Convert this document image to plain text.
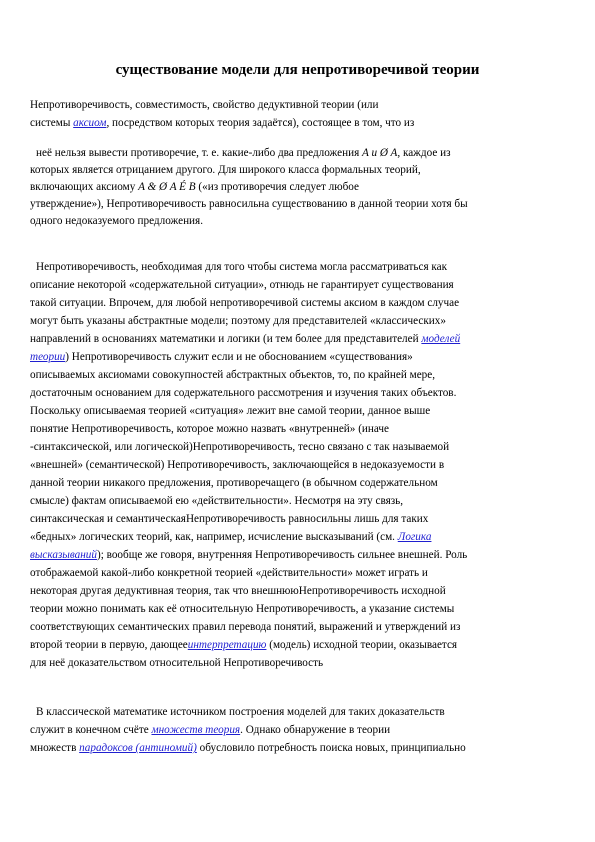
существование модели для непротиворечивой теории
Непротиворечивость, совместимость, свойство дедуктивной теории (или
системы аксиом, посредством которых теория задаётся), состоящее в том, что из
неё нельзя вывести противоречие, т. е. какие-либо два предложения A и Ø A, каждое из
которых является отрицанием другого. Для широкого класса формальных теорий,
включающих аксиому A & Ø A É B («из противоречия следует любое
утверждение»), Непротиворечивость равносильна существованию в данной теории хотя бы
одного недоказуемого предложения.
Непротиворечивость, необходимая для того чтобы система могла рассматриваться как
описание некоторой «содержательной ситуации», отнюдь не гарантирует существования
такой ситуации. Впрочем, для любой непротиворечивой системы аксиом в каждом случае
могут быть указаны абстрактные модели; поэтому для представителей «классических»
направлений в основаниях математики и логики (и тем более для представителей моделей
теории) Непротиворечивость служит если и не обоснованием «существования»
описываемых аксиомами совокупностей абстрактных объектов, то, по крайней мере,
достаточным основанием для содержательного рассмотрения и изучения таких объектов.
Поскольку описываемая теорией «ситуация» лежит вне самой теории, данное выше
понятие Непротиворечивость, которое можно назвать «внутренней» (иначе
-синтаксической, или логической)Непротиворечивость, тесно связано с так называемой
«внешней» (семантической) Непротиворечивость, заключающейся в недоказуемости в
данной теории никакого предложения, противоречащего (в обычном содержательном
смысле) фактам описываемой ею «действительности». Несмотря на эту связь,
синтаксическая и семантическаяНепротиворечивость равносильны лишь для таких
«бедных» логических теорий, как, например, исчисление высказываний (см. Логика
высказываний); вообще же говоря, внутренняя Непротиворечивость сильнее внешней. Роль
отображаемой какой-либо конкретной теорией «действительности» может играть и
некоторая другая дедуктивная теория, так что внешнююНепротиворечивость исходной
теории можно понимать как её относительную Непротиворечивость, а указание системы
соответствующих семантических правил перевода понятий, выражений и утверждений из
второй теории в первую, дающееинтерпретацию (модель) исходной теории, оказывается
для неё доказательством относительной Непротиворечивость
В классической математике источником построения моделей для таких доказательств
служит в конечном счёте множеств теория. Однако обнаружение в теории
множеств парадоксов (антиномий) обусловило потребность поиска новых, принципиально
